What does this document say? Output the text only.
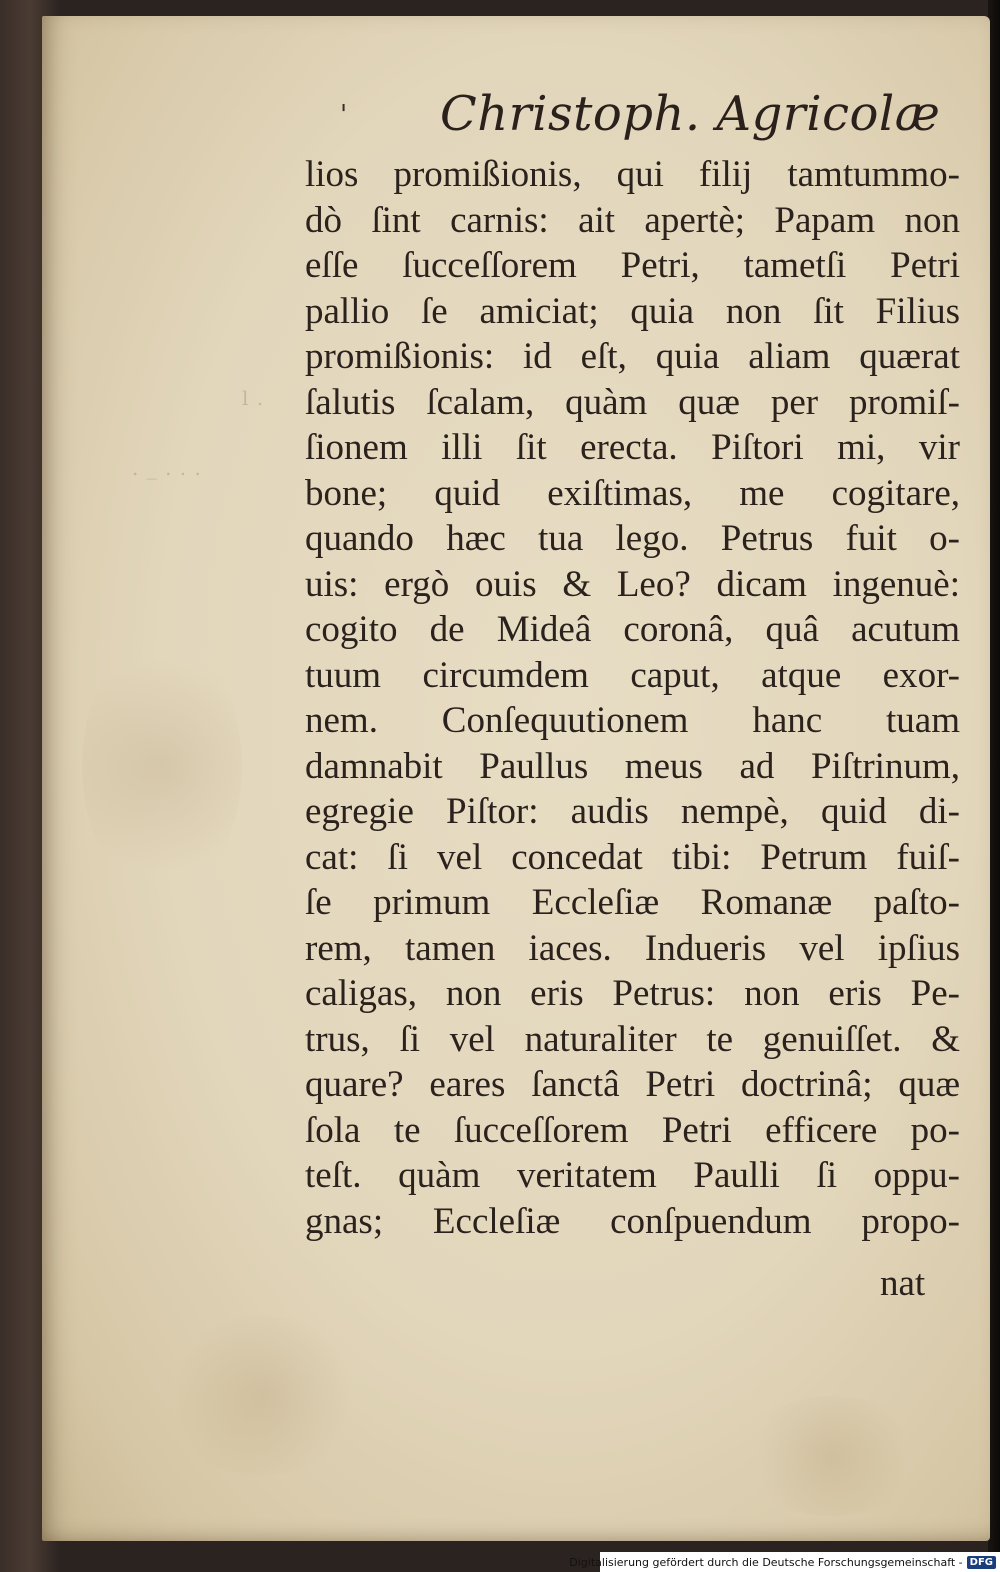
. _ . . .
l .
' Christoph. Agricolæ
lios promißionis, qui filij tamtummo-
dò ſint carnis: ait apertè; Papam non
eſſe ſucceſſorem Petri, tametſi Petri
pallio ſe amiciat; quia non ſit Filius
promißionis: id eſt, quia aliam quærat
ſalutis ſcalam, quàm quæ per promiſ-
ſionem illi ſit erecta. Piſtori mi, vir
bone; quid exiſtimas, me cogitare,
quando hæc tua lego. Petrus fuit o-
uis: ergò ouis & Leo? dicam ingenuè:
cogito de Mideâ coronâ, quâ acutum
tuum circumdem caput, atque exor-
nem. Conſequutionem hanc tuam
damnabit Paullus meus ad Piſtrinum,
egregie Piſtor: audis nempè, quid di-
cat: ſi vel concedat tibi: Petrum fuiſ-
ſe primum Eccleſiæ Romanæ paſto-
rem, tamen iaces. Indueris vel ipſius
caligas, non eris Petrus: non eris Pe-
trus, ſi vel naturaliter te genuiſſet. &
quare? eares ſanctâ Petri doctrinâ; quæ
ſola te ſucceſſorem Petri efficere po-
teſt. quàm veritatem Paulli ſi oppu-
gnas; Eccleſiæ conſpuendum propo-
nat
Digitalisierung gefördert durch die Deutsche Forschungsgemeinschaft - DFG
